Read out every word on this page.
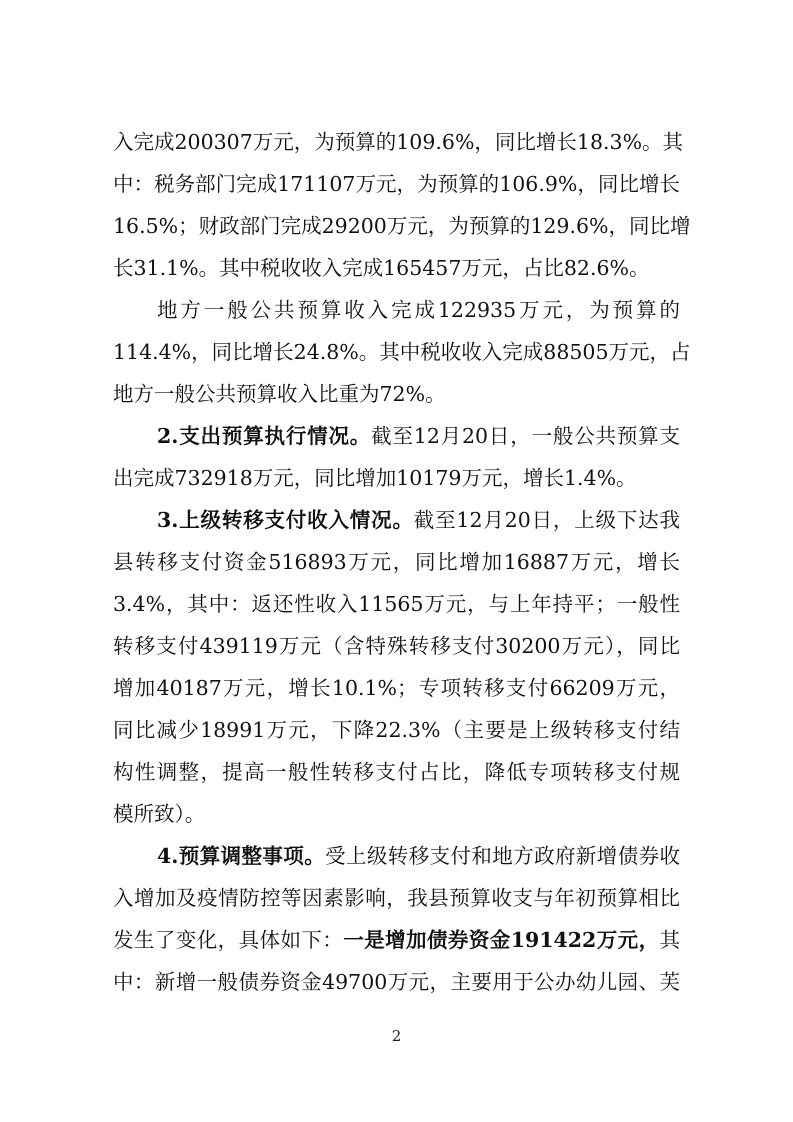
入完成200307万元，为预算的109.6%，同比增长18.3%。其
中：税务部门完成171107万元，为预算的106.9%，同比增长
16.5%；财政部门完成29200万元，为预算的129.6%，同比增
长31.1%。其中税收收入完成165457万元，占比82.6%。
地方一般公共预算收入完成122935万元，为预算的
114.4%，同比增长24.8%。其中税收收入完成88505万元，占
地方一般公共预算收入比重为72%。
2.支出预算执行情况。截至12月20日，一般公共预算支
出完成732918万元，同比增加10179万元，增长1.4%。
3.上级转移支付收入情况。截至12月20日，上级下达我
县转移支付资金516893万元，同比增加16887万元，增长
3.4%，其中：返还性收入11565万元，与上年持平；一般性
转移支付439119万元（含特殊转移支付30200万元），同比
增加40187万元，增长10.1%；专项转移支付66209万元，
同比减少18991万元，下降22.3%（主要是上级转移支付结
构性调整，提高一般性转移支付占比，降低专项转移支付规
模所致）。
4.预算调整事项。受上级转移支付和地方政府新增债券收
入增加及疫情防控等因素影响，我县预算收支与年初预算相比
发生了变化，具体如下：一是增加债券资金191422万元，其
中：新增一般债券资金49700万元，主要用于公办幼儿园、芙
2
